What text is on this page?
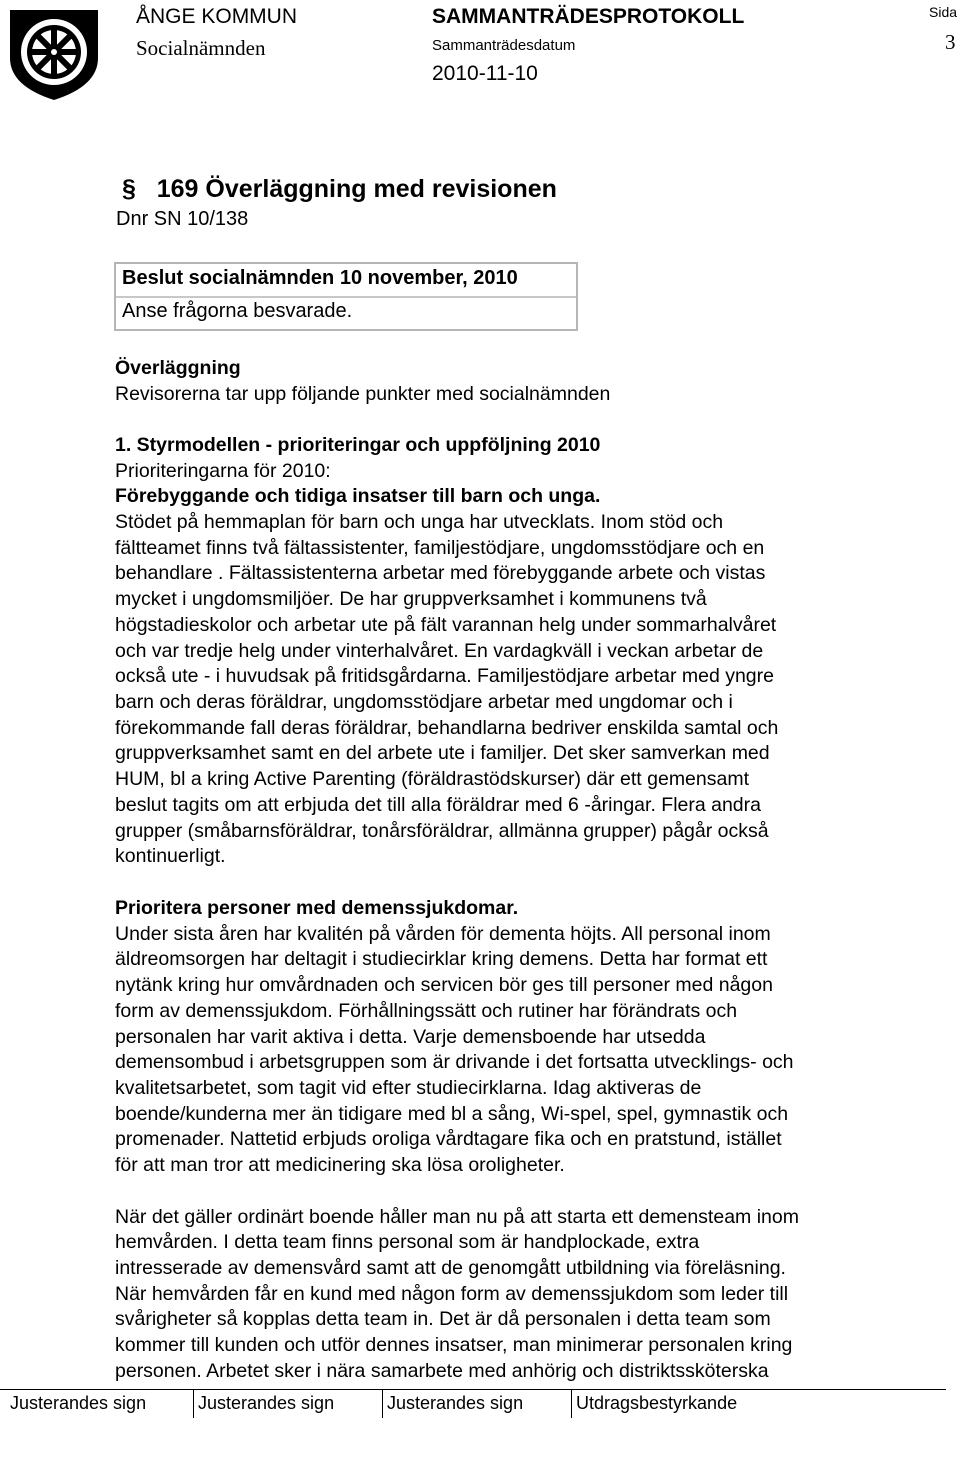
ÅNGE KOMMUN
Socialnämnden
SAMMANTRÄDESPROTOKOLL
Sammanträdesdatum
2010-11-10
Sida
3
§ 169 Överläggning med revisionen
Dnr SN 10/138
Beslut socialnämnden 10 november, 2010
Anse frågorna besvarade.
Överläggning
Revisorerna tar upp följande punkter med socialnämnden
1. Styrmodellen - prioriteringar och uppföljning 2010
Prioriteringarna för 2010:
Förebyggande och tidiga insatser till barn och unga.
Stödet på hemmaplan för barn och unga har utvecklats. Inom stöd och
fältteamet finns två fältassistenter, familjestödjare, ungdomsstödjare och en
behandlare . Fältassistenterna arbetar med förebyggande arbete och vistas
mycket i ungdomsmiljöer. De har gruppverksamhet i kommunens två
högstadieskolor och arbetar ute på fält varannan helg under sommarhalvåret
och var tredje helg under vinterhalvåret. En vardagkväll i veckan arbetar de
också ute - i huvudsak på fritidsgårdarna. Familjestödjare arbetar med yngre
barn och deras föräldrar, ungdomsstödjare arbetar med ungdomar och i
förekommande fall deras föräldrar, behandlarna bedriver enskilda samtal och
gruppverksamhet samt en del arbete ute i familjer. Det sker samverkan med
HUM, bl a kring Active Parenting (föräldrastödskurser) där ett gemensamt
beslut tagits om att erbjuda det till alla föräldrar med 6 -åringar. Flera andra
grupper (småbarnsföräldrar, tonårsföräldrar, allmänna grupper) pågår också
kontinuerligt.
Prioritera personer med demenssjukdomar.
Under sista åren har kvalitén på vården för dementa höjts. All personal inom
äldreomsorgen har deltagit i studiecirklar kring demens. Detta har format ett
nytänk kring hur omvårdnaden och servicen bör ges till personer med någon
form av demenssjukdom. Förhållningssätt och rutiner har förändrats och
personalen har varit aktiva i detta. Varje demensboende har utsedda
demensombud i arbetsgruppen som är drivande i det fortsatta utvecklings- och
kvalitetsarbetet, som tagit vid efter studiecirklarna. Idag aktiveras de
boende/kunderna mer än tidigare med bl a sång, Wi-spel, spel, gymnastik och
promenader. Nattetid erbjuds oroliga vårdtagare fika och en pratstund, istället
för att man tror att medicinering ska lösa oroligheter.
När det gäller ordinärt boende håller man nu på att starta ett demensteam inom
hemvården. I detta team finns personal som är handplockade, extra
intresserade av demensvård samt att de genomgått utbildning via föreläsning.
När hemvården får en kund med någon form av demenssjukdom som leder till
svårigheter så kopplas detta team in. Det är då personalen i detta team som
kommer till kunden och utför dennes insatser, man minimerar personalen kring
personen. Arbetet sker i nära samarbete med anhörig och distriktssköterska
Justerandes sign	Justerandes sign	Justerandes sign	Utdragsbestyrkande
